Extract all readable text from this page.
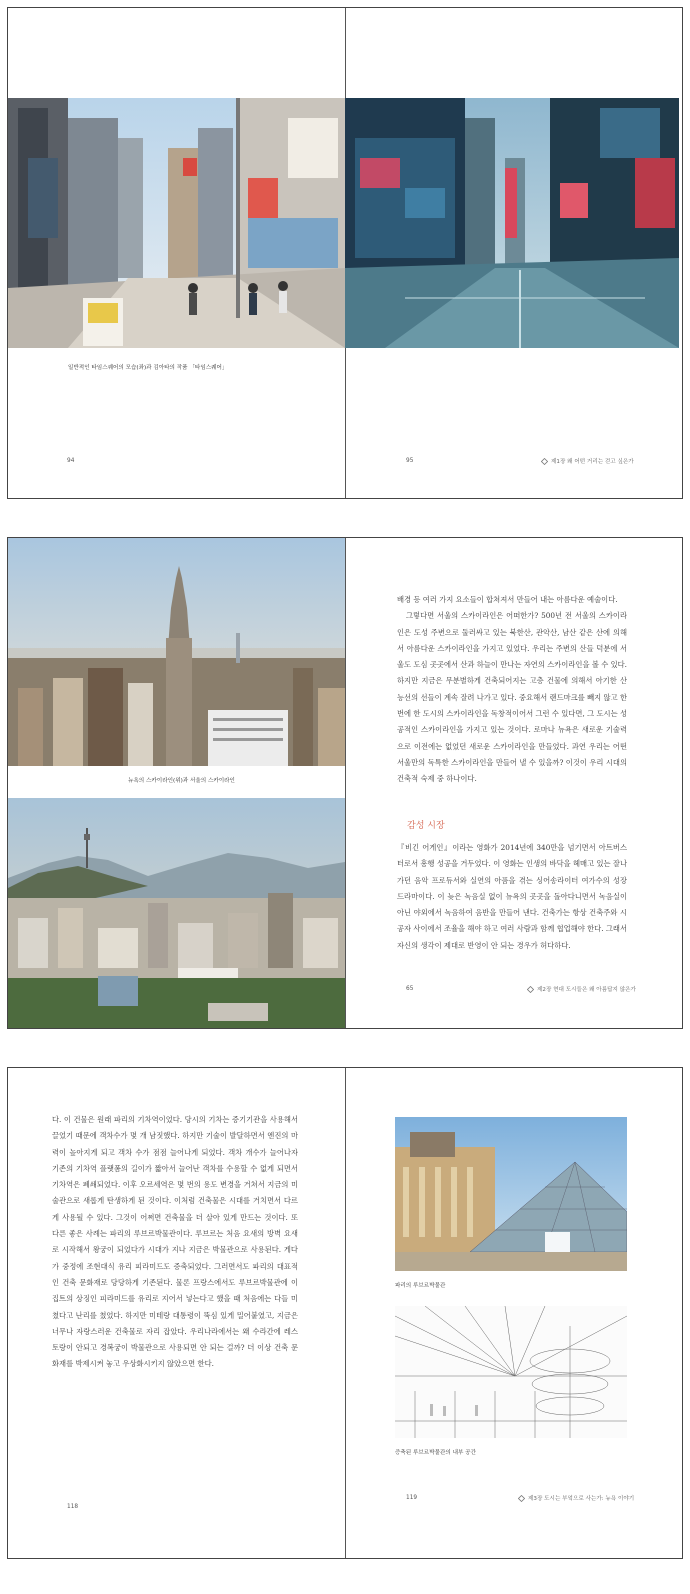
일반적인 타임스퀘어의 모습(좌)과 김아타의 작품 「타임스퀘어」
94	95	제1장 왜 어떤 거리는 걷고 싶은가
뉴욕의 스카이라인(위)과 서울의 스카이라인

배경 등 여러 가지 요소들이 합쳐져서 만들어 내는 아름다운 예술이다.

그렇다면 서울의 스카이라인은 어떠한가? 500년 전 서울의 스카이라인은 도성 주변으로 둘러싸고 있는 북한산, 관악산, 남산 같은 산에 의해서 아름다운 스카이라인을 가지고 있었다. 우리는 주변의 산들 덕분에 서울도 도심 곳곳에서 산과 하늘이 만나는 자연의 스카이라인을 볼 수 있다. 하지만 지금은 무분별하게 건축되어지는 고층 건물에 의해서 아기한 산 능선의 선들이 계속 잘려 나가고 있다. 중요해서 랜드마크를 빼지 않고 한 번에 한 도시의 스카이라인을 독창적이어서 그런 수 있다면, 그 도시는 성공적인 스카이라인을 가지고 있는 것이다. 로마나 뉴욕은 새로운 기술력으로 이전에는 없었던 새로운 스카이라인을 만들었다. 과연 우리는 어떤 서울만의 독특한 스카이라인을 만들어 낼 수 있을까? 이것이 우리 시대의 건축적 숙제 중 하나이다.

감성 시장

『비긴 어게인』이라는 영화가 2014년에 340만을 넘기면서 아트버스터로서 흥행 성공을 거두었다. 이 영화는 인생의 바닥을 헤매고 있는 잘나가던 음악 프로듀서와 실연의 아픔을 겪는 싱어송라이터 여가수의 성장 드라마이다. 이 늦은 녹음실 없이 뉴욕의 곳곳을 돌아다니면서 녹음실이 아닌 야외에서 녹음하여 음반을 만들어 낸다. 건축가는 항상 건축주와 시공자 사이에서 조율을 해야 하고 여러 사람과 함께 협업해야 한다. 그래서 자신의 생각이 제대로 반영이 안 되는 경우가 허다하다.

65	제2장 현대 도시들은 왜 아름답지 않은가

다. 이 건물은 원래 파리의 기차역이었다. 당시의 기차는 증기기관을 사용해서 끌었기 때문에 객차수가 몇 개 남짓했다. 하지만 기술이 발달하면서 엔진의 마력이 높아지게 되고 객차 수가 점점 늘어나게 되었다. 객차 개수가 늘어나자 기존의 기차역 플랫폼의 길이가 짧아서 늘어난 객차를 수용할 수 없게 되면서 기차역은 폐쇄되었다. 이후 오르세역은 몇 번의 용도 변경을 거쳐서 지금의 미술관으로 새롭게 탄생하게 된 것이다. 이처럼 건축물은 시대를 거치면서 다르게 사용될 수 있다. 그것이 어쩌면 건축물을 더 살아 있게 만드는 것이다. 또 다른 좋은 사례는 파리의 루브르박물관이다. 루브르는 처음 요새의 방벽 요새로 시작해서 왕궁이 되었다가 시대가 지나 지금은 박물관으로 사용된다. 게다가 중정에 조현대식 유리 피라미드도 증축되었다. 그러면서도 파리의 대표적인 건축 문화재로 당당하게 기존된다. 물론 프랑스에서도 루브르박물관에 이집트의 상징인 피라미드를 유리로 지어서 넣는다고 했을 때 처음에는 다들 미쳤다고 난리를 쳤었다. 하지만 미테랑 대통령이 뚝심 있게 밀어붙였고, 지금은 너무나 자랑스러운 건축물로 자리 잡았다. 우리나라에서는 왜 수라간에 레스토랑이 안되고 경복궁이 박물관으로 사용되면 안 되는 걸까? 더 이상 건축 문화재를 박제시켜 놓고 우상화시키지 않았으면 한다.

118
파리의 루브르박물관
증축된 루브르박물관의 내부 공간
119	제3장 도시는 부엌으로 사는가: 뉴욕 이야기
